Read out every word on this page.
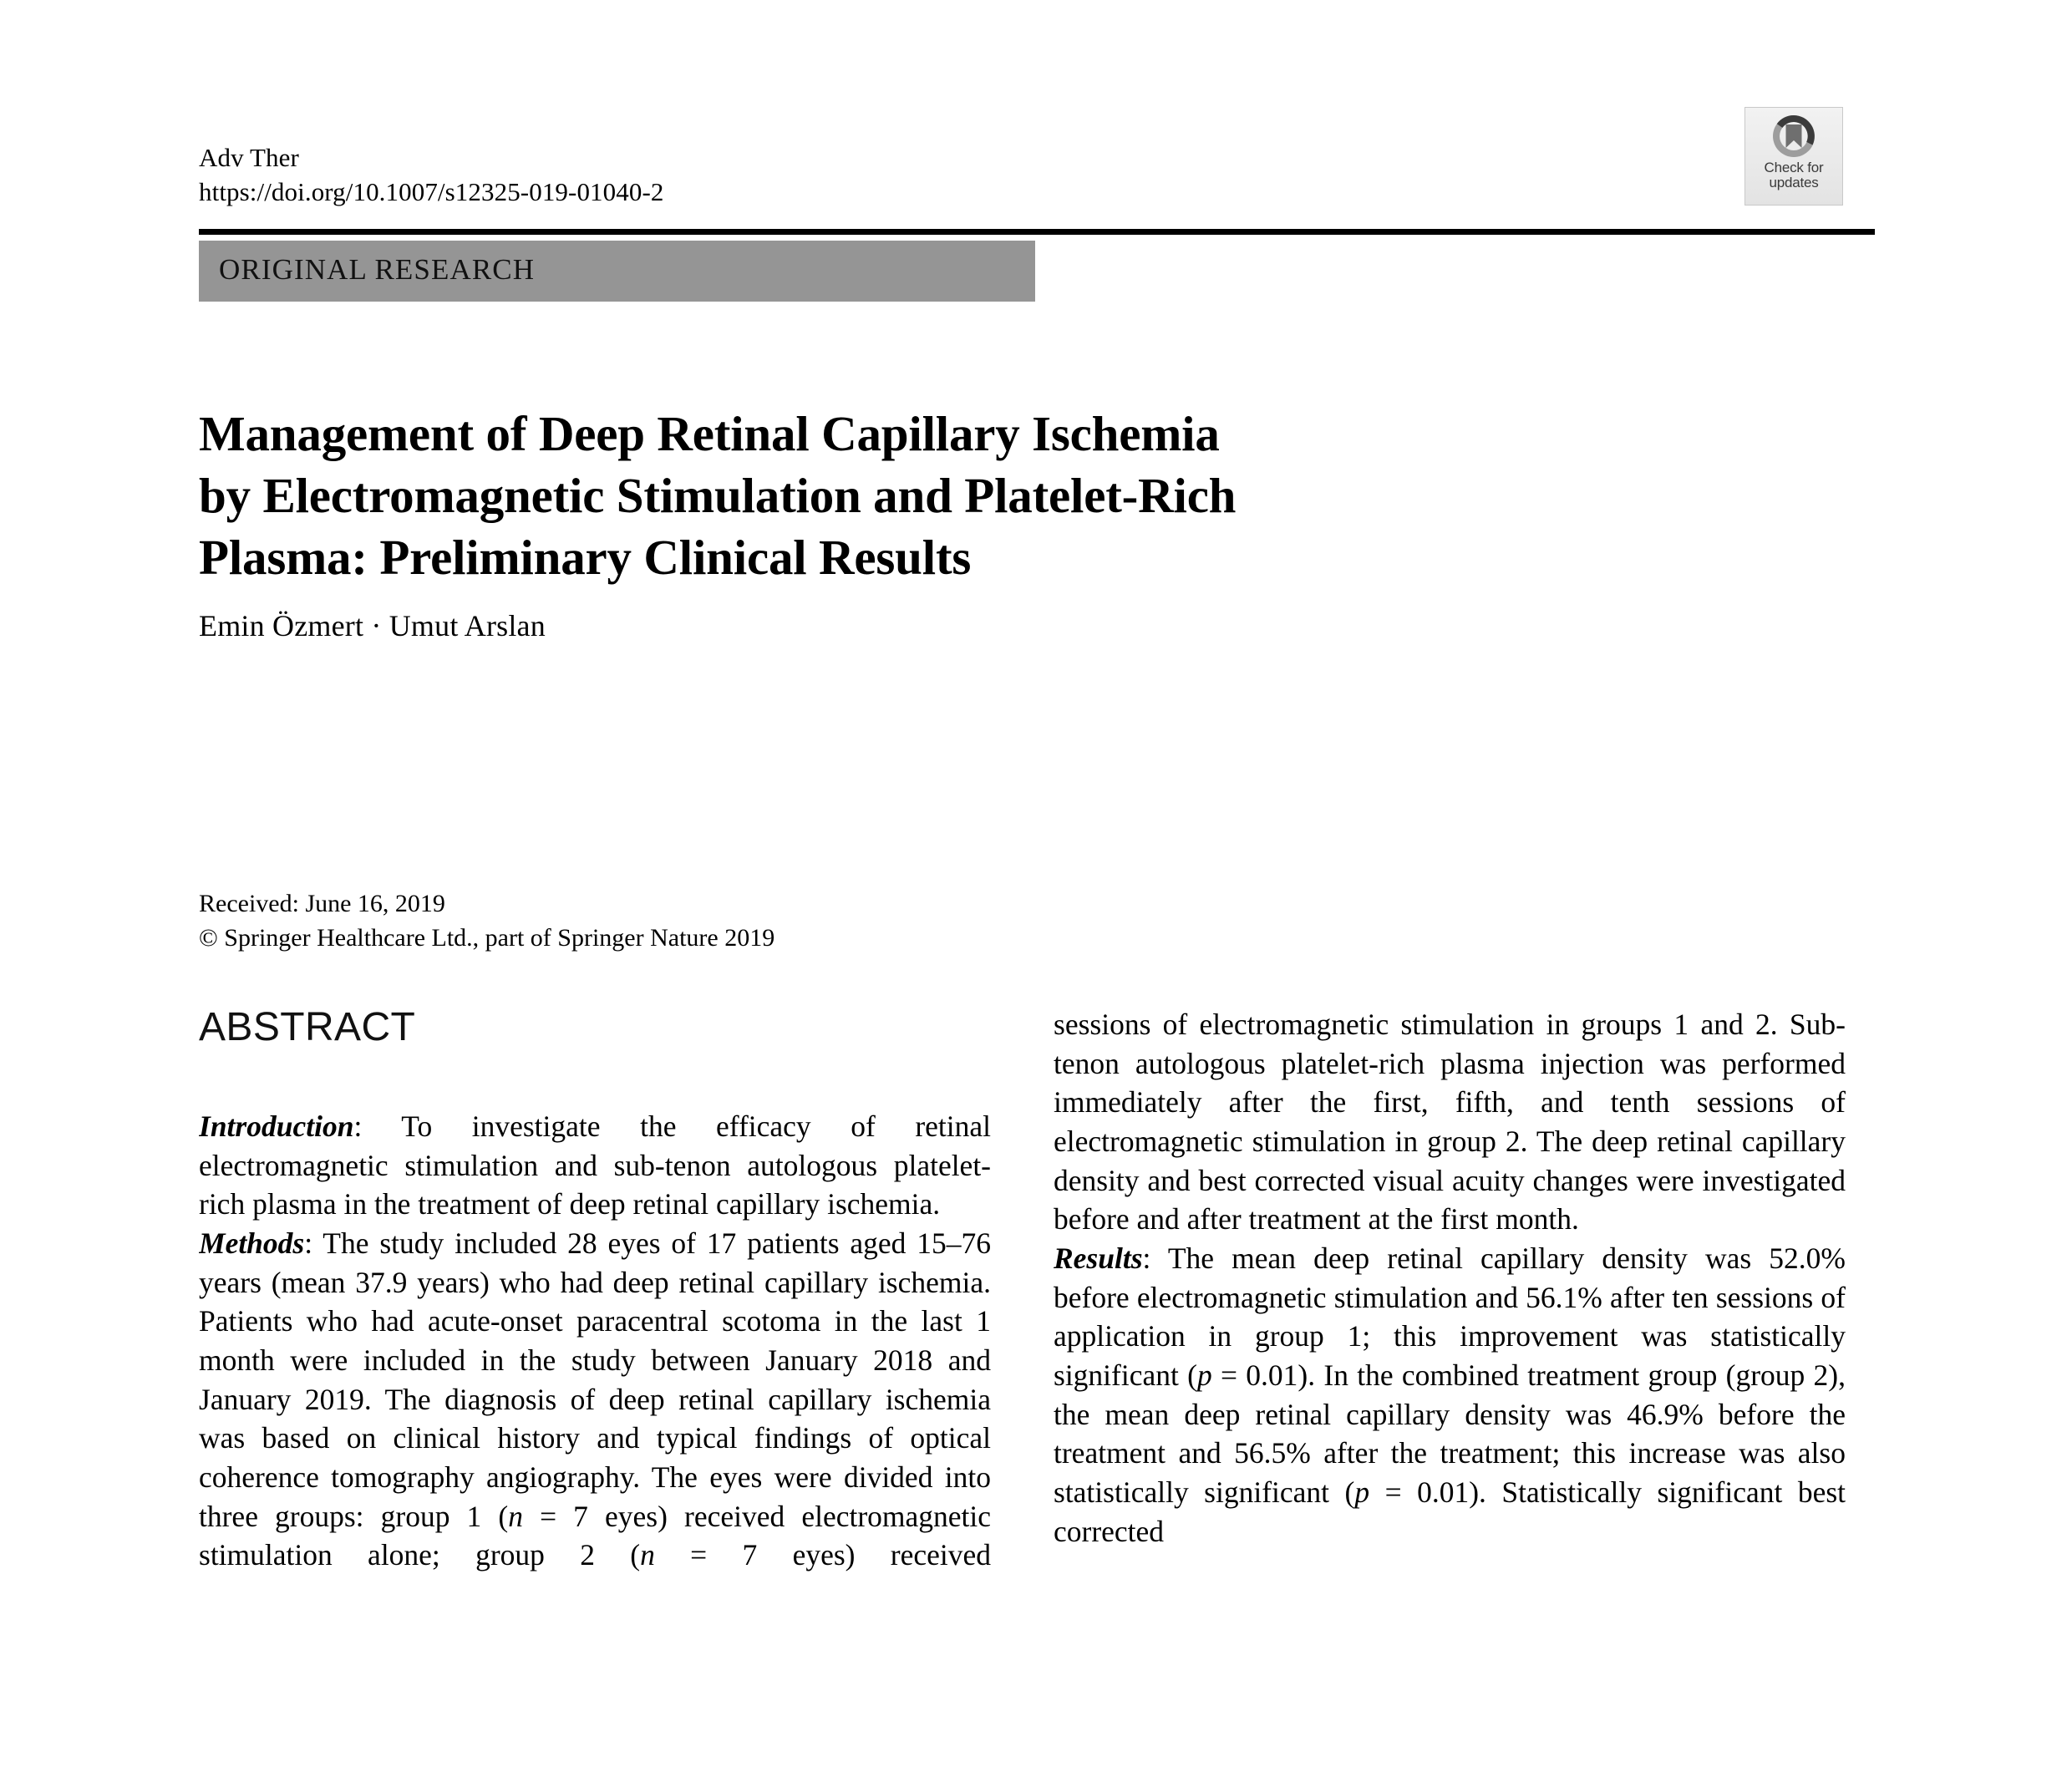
Adv Ther
https://doi.org/10.1007/s12325-019-01040-2
Check for
updates
ORIGINAL RESEARCH
Management of Deep Retinal Capillary Ischemia
by Electromagnetic Stimulation and Platelet-Rich
Plasma: Preliminary Clinical Results
Emin Özmert · Umut Arslan
Received: June 16, 2019
© Springer Healthcare Ltd., part of Springer Nature 2019
ABSTRACT

Introduction: To investigate the efficacy of retinal electromagnetic stimulation and sub-tenon autologous platelet-rich plasma in the treatment of deep retinal capillary ischemia.

Methods: The study included 28 eyes of 17 patients aged 15–76 years (mean 37.9 years) who had deep retinal capillary ischemia. Patients who had acute-onset paracentral scotoma in the last 1 month were included in the study between January 2018 and January 2019. The diagnosis of deep retinal capillary ischemia was based on clinical history and typical findings of optical coherence tomography angiography. The eyes were divided into three groups: group 1 (n = 7 eyes) received electromagnetic stimulation alone; group 2 (n = 7 eyes) received

sessions of electromagnetic stimulation in groups 1 and 2. Sub-tenon autologous platelet-rich plasma injection was performed immediately after the first, fifth, and tenth sessions of electromagnetic stimulation in group 2. The deep retinal capillary density and best corrected visual acuity changes were investigated before and after treatment at the first month.

Results: The mean deep retinal capillary density was 52.0% before electromagnetic stimulation and 56.1% after ten sessions of application in group 1; this improvement was statistically significant (p = 0.01). In the combined treatment group (group 2), the mean deep retinal capillary density was 46.9% before the treatment and 56.5% after the treatment; this increase was also statistically significant (p = 0.01). Statistically significant best corrected
